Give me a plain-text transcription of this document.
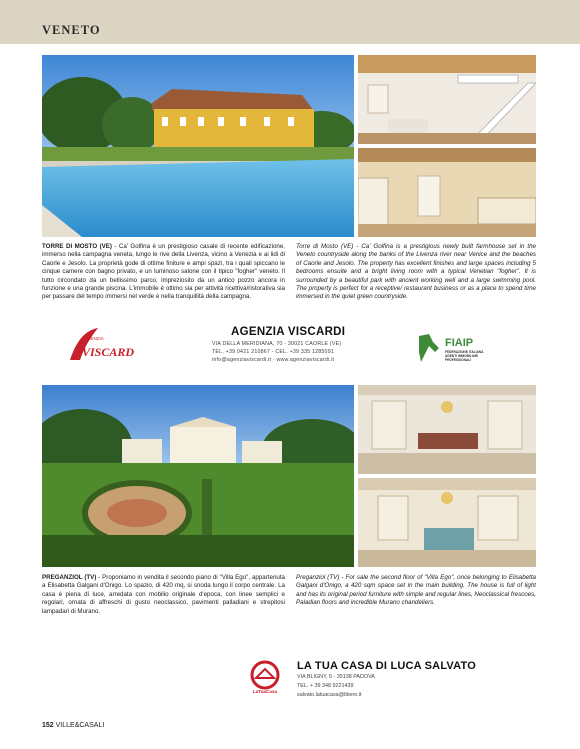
VENETO
TORRE DI MOSTO (VE) - Ca' Golfina è un prestigioso casale di recente edificazione, immerso nella campagna veneta, lungo le rive della Livenza, vicino a Venezia e ai lidi di Caorle e Jesolo. La proprietà gode di ottime finiture e ampi spazi, tra i quali spiccano le cinque camere con bagno privato, e un luminoso salone con il tipico "fogher" veneto. Il tutto circondato da un bellissimo parco, impreziosito da un antico pozzo ancora in funzione e una grande piscina. L'immobile è ottimo sia per attività ricettiva/ristorativa sia per passare del tempo immersi nel verde e nella tranquillità della campagna.
Torre di Mosto (VE) - Ca' Golfina is a prestigious newly built farmhouse set in the Veneto countryside along the banks of the Livenza river near Venice and the beaches of Caorle and Jesolo. The property has excellent finishes and large spaces including 5 bedrooms ensuite and a bright living room with a typical Venetian "fogher". It is surrounded by a beautiful park with ancient working well and a large swimming pool. The property is perfect for a receptive/ restaurant business or as a place to spend time immersed in the quiet green countryside.
AGENZIA
VISCARDI
AGENZIA VISCARDI
VIA DELLA MERIDIANA, 70 - 30021 CAORLE (VE)
TEL. +39 0421 210867 - CEL. +39 335 1285091
info@agenziaviscardi.it - www.agenziaviscardi.it
FIAIP
FEDERAZIONE ITALIANA
AGENTI IMMOBILIARI
PROFESSIONALI
PREGANZIOL (TV) - Proponiamo in vendita il secondo piano di "Villa Ego", appartenuta a Elisabetta Galgani d'Onigo. Lo spazio, di 420 mq, si snoda lungo il corpo centrale. La casa è piena di luce, arredata con mobilio originale d'epoca, con linee semplici e regolari, ornata di affreschi di gusto neoclassico, pavimenti palladiani e strepitosi lampadari di Murano.
Preganziol (TV) - For sale the second floor of "Villa Ego", once belonging to Elisabetta Galgani d'Onigo, a 420 sqm space set in the main building. The house is full of light and has its original period furniture with simple and regular lines, Neoclassical frescoes, Paladian floors and incredible Murano chandeliers.
LaTuaCasa
LA TUA CASA DI LUCA SALVATO
VIA BLIGNY, 5 - 35138 PADOVA
TEL. + 39 348 9221439
salvato.latuacasa@libero.it
152 VILLE&CASALI
